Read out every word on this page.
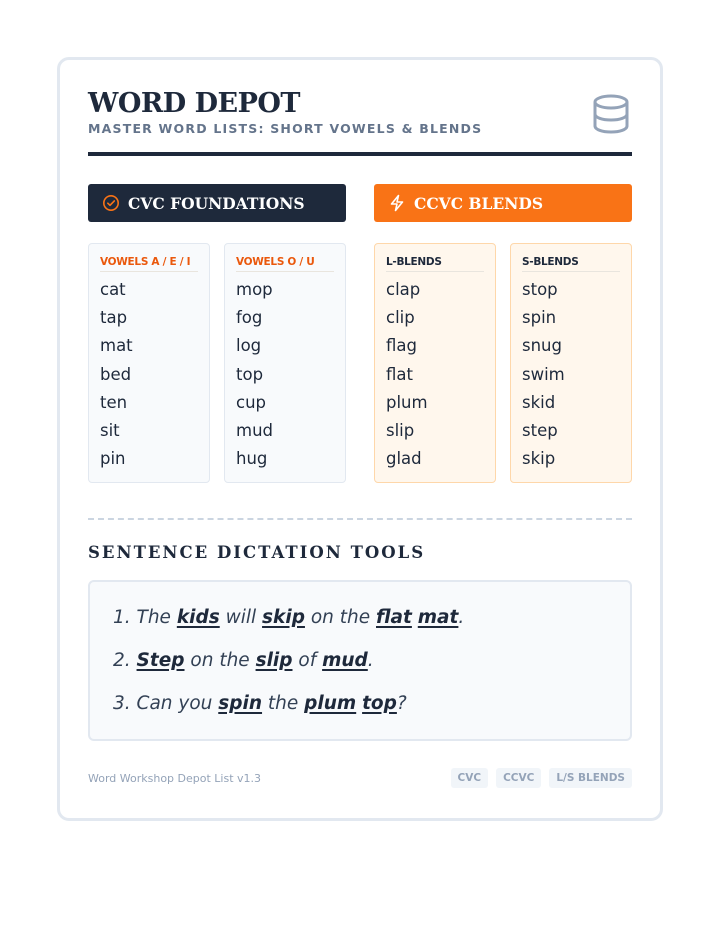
WORD DEPOT
MASTER WORD LISTS: SHORT VOWELS & BLENDS
CVC FOUNDATIONS	CCVC BLENDS
VOWELS A / E / I
cat
tap
mat
bed
ten
sit
pin
VOWELS O / U
mop
fog
log
top
cup
mud
hug
L-BLENDS
clap
clip
flag
flat
plum
slip
glad
S-BLENDS
stop
spin
snug
swim
skid
step
skip
SENTENCE DICTATION TOOLS
1. The kids will skip on the flat mat.
2. Step on the slip of mud.
3. Can you spin the plum top?
Word Workshop Depot List v1.3	CVC	CCVC	L/S BLENDS
